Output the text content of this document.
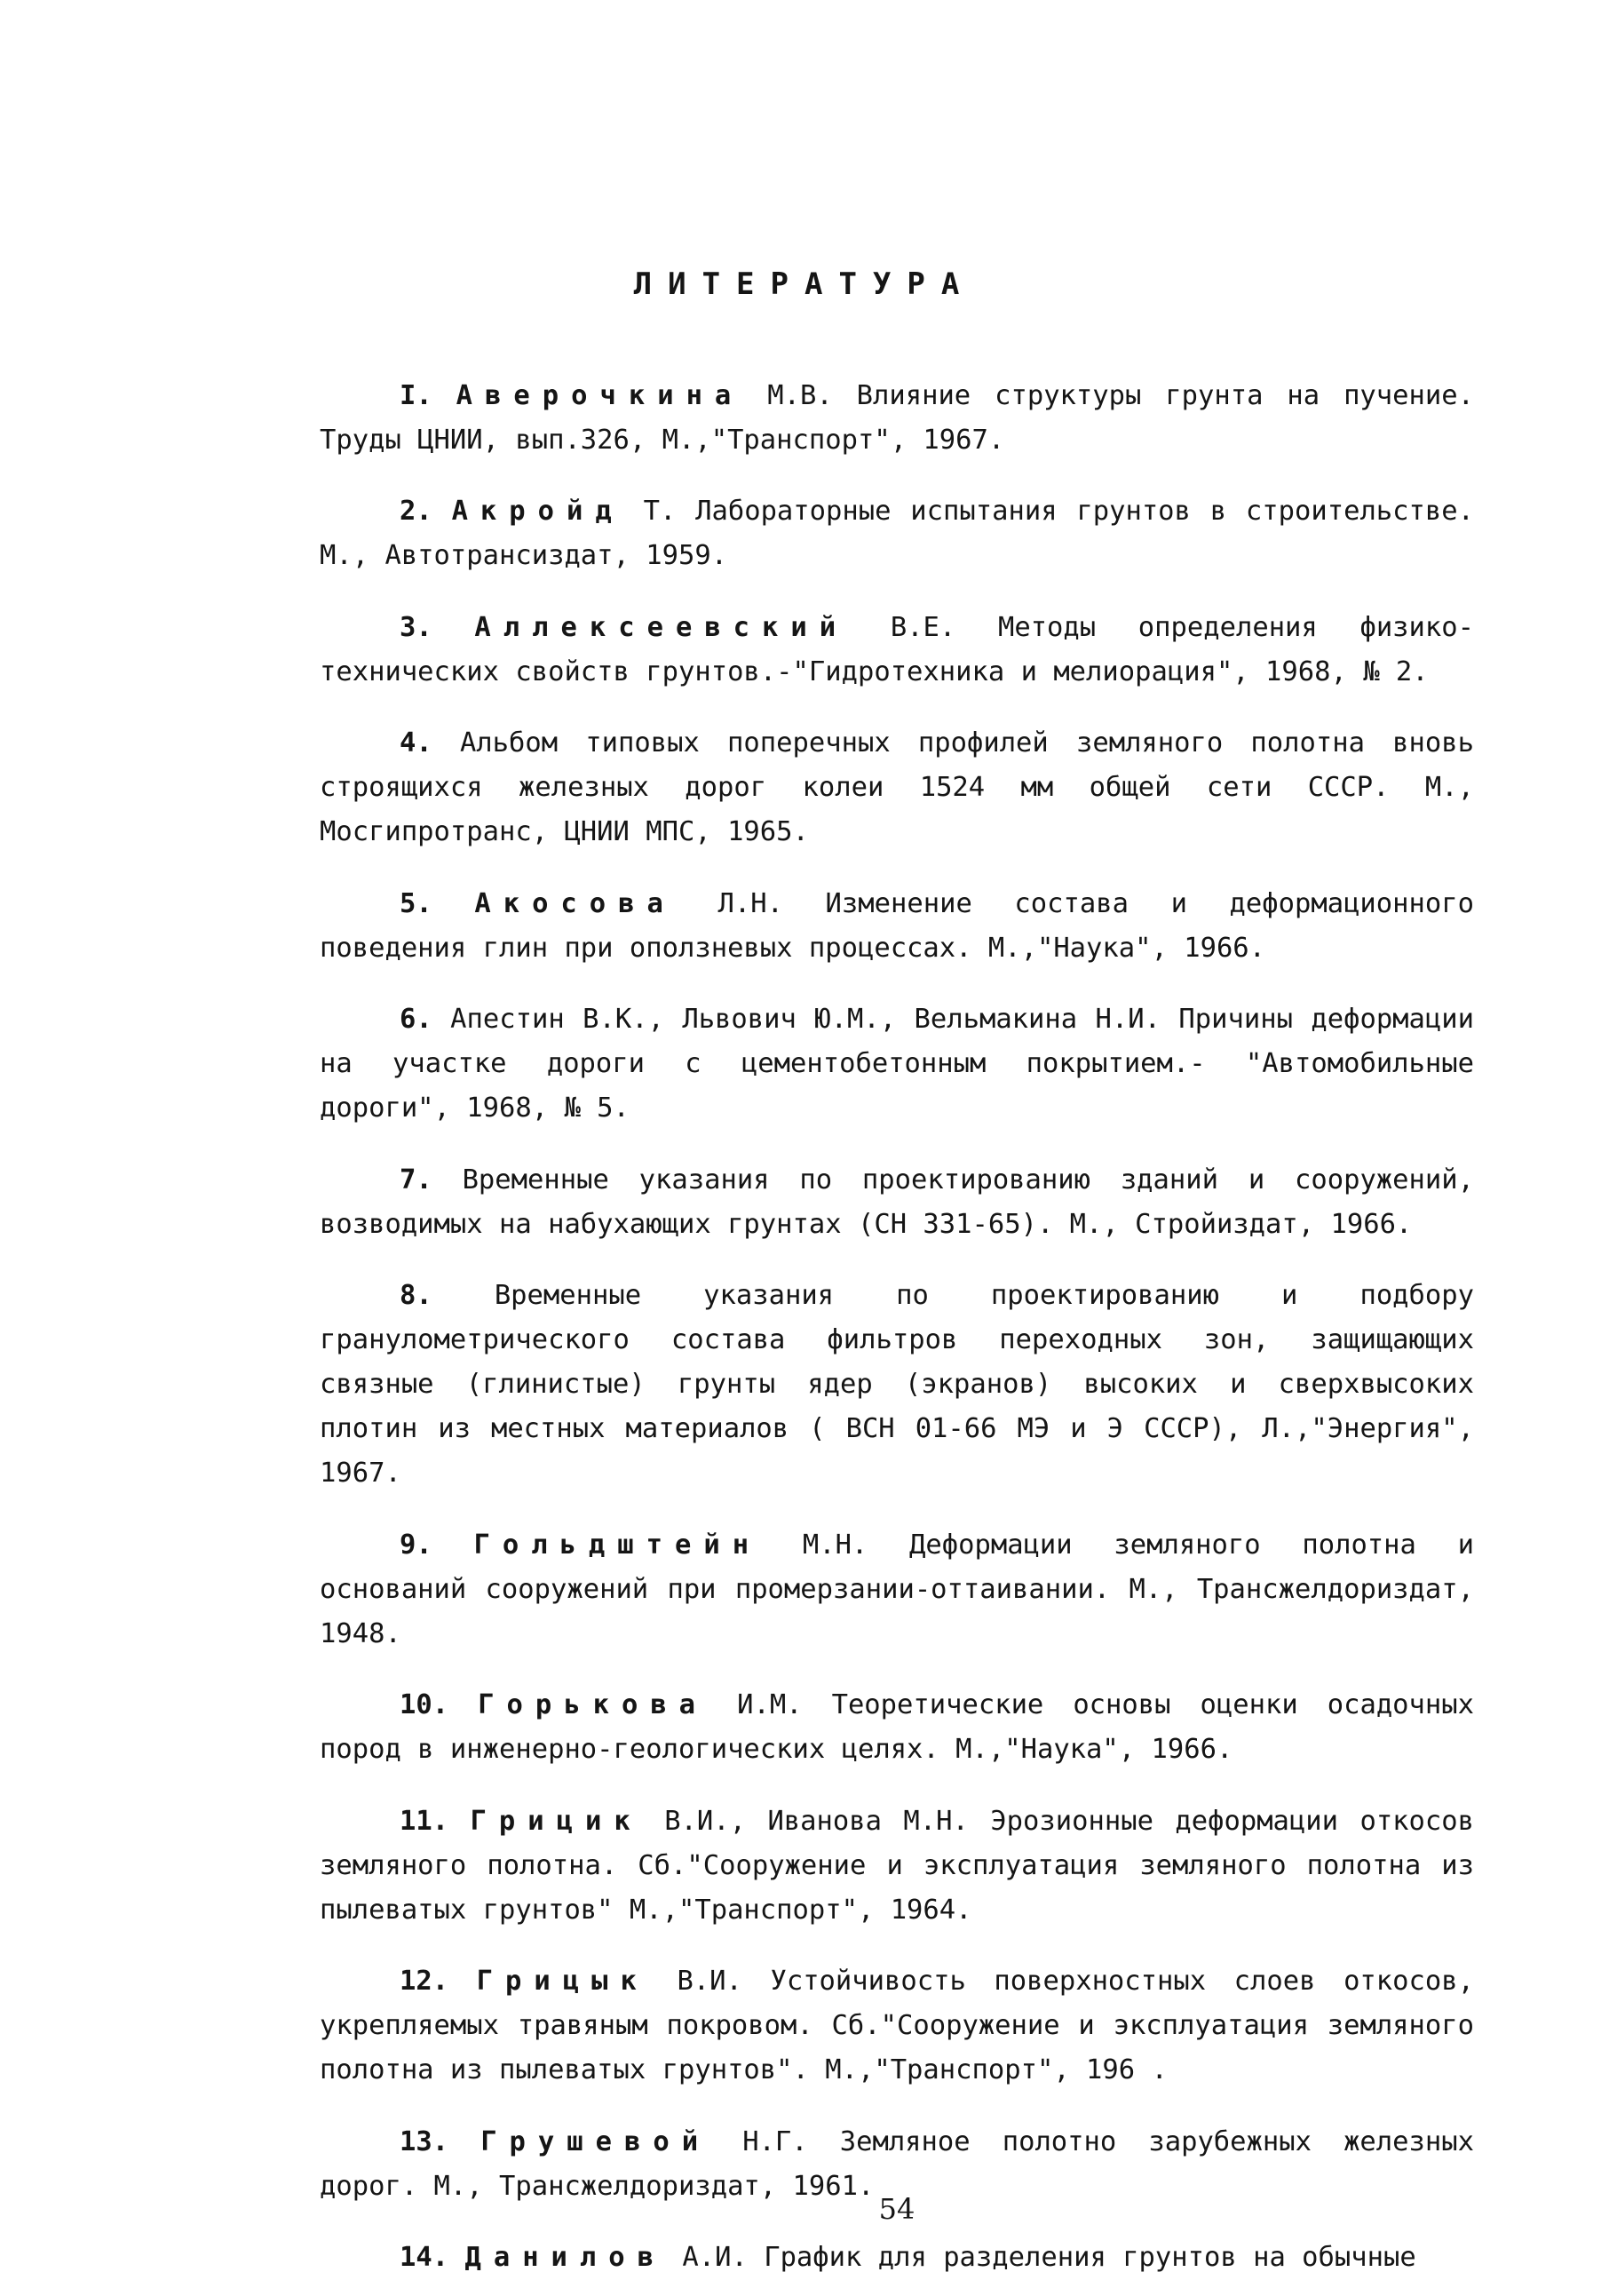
ЛИТЕРАТУРА

I. Аверочкина М.В. Влияние структуры грунта на пучение. Труды ЦНИИ, вып.326, М.,"Транспорт", 1967.

2. Акройд Т. Лабораторные испытания грунтов в строительстве. М., Автотрансиздат, 1959.

3. Аллексеевский В.Е. Методы определения физико-технических свойств грунтов.-"Гидротехника и мелиорация", 1968, № 2.

4. Альбом типовых поперечных профилей земляного полотна вновь строящихся железных дорог колеи 1524 мм общей сети СССР. М., Мосгипротранс, ЦНИИ МПС, 1965.

5. Акосова Л.Н. Изменение состава и деформационного поведения глин при оползневых процессах. М.,"Наука", 1966.

6. Апестин В.К., Львович Ю.М., Вельмакина Н.И. Причины деформации на участке дороги с цементобетонным покрытием.- "Автомобильные дороги", 1968, № 5.

7. Временные указания по проектированию зданий и сооружений, возводимых на набухающих грунтах (СН 331-65). М., Стройиздат, 1966.

8. Временные указания по проектированию и подбору гранулометрического состава фильтров переходных зон, защищающих связные (глинистые) грунты ядер (экранов) высоких и сверхвысоких плотин из местных материалов ( ВСН 01-66 МЭ и Э СССР), Л.,"Энергия", 1967.

9. Гольдштейн М.Н. Деформации земляного полотна и оснований сооружений при промерзании-оттаивании. М., Трансжелдориздат, 1948.

10. Горькова И.М. Теоретические основы оценки осадочных пород в инженерно-геологических целях. М.,"Наука", 1966.

11. Грицик В.И., Иванова М.Н. Эрозионные деформации откосов земляного полотна. Сб."Сооружение и эксплуатация земляного полотна из пылеватых грунтов" М.,"Транспорт", 1964.

12. Грицык В.И. Устойчивость поверхностных слоев откосов, укрепляемых травяным покровом. Сб."Сооружение и эксплуатация земляного полотна из пылеватых грунтов". М.,"Транспорт", 196 .

13. Грушевой Н.Г. Земляное полотно зарубежных железных дорог. М., Трансжелдориздат, 1961.

14. Данилов А.И. График для разделения грунтов на обычные

54
